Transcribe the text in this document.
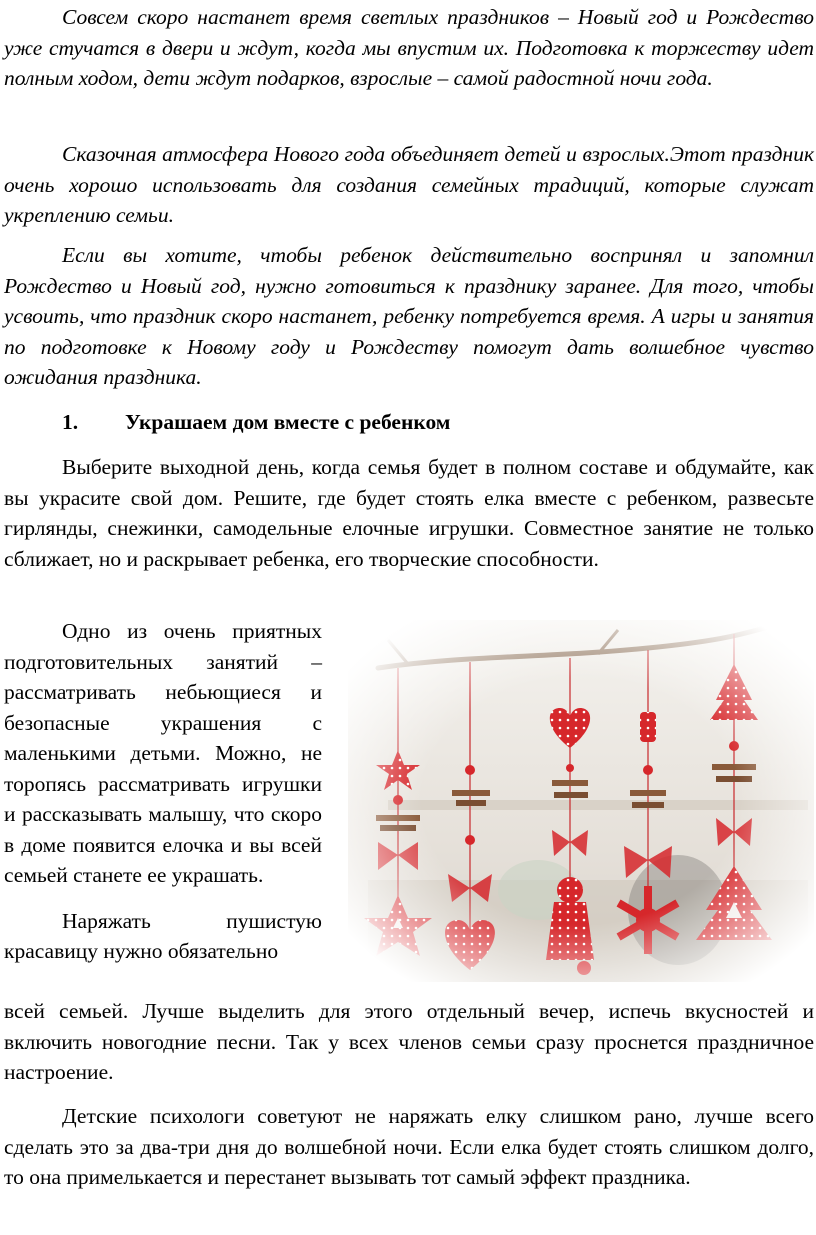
Совсем скоро настанет время светлых праздников – Новый год и Рождество уже стучатся в двери и ждут, когда мы впустим их. Подготовка к торжеству идет полным ходом, дети ждут подарков, взрослые – самой радостной ночи года.

Сказочная атмосфера Нового года объединяет детей и взрослых.Этот праздник очень хорошо использовать для создания семейных традиций, которые служат укреплению семьи.

Если вы хотите, чтобы ребенок действительно воспринял и запомнил Рождество и Новый год, нужно готовиться к празднику заранее. Для того, чтобы усвоить, что праздник скоро настанет, ребенку потребуется время. А игры и занятия по подготовке к Новому году и Рождеству помогут дать волшебное чувство ожидания праздника.

1.	Украшаем дом вместе с ребенком

Выберите выходной день, когда семья будет в полном составе и обдумайте, как вы украсите свой дом. Решите, где будет стоять елка вместе с ребенком, развесьте гирлянды, снежинки, самодельные елочные игрушки. Совместное занятие не только сближает, но и раскрывает ребенка, его творческие способности.

Одно из очень приятных подготовительных занятий – рассматривать небьющиеся и безопасные украшения с маленькими детьми. Можно, не торопясь рассматривать игрушки и рассказывать малышу, что скоро в доме появится елочка и вы всей семьей станете ее украшать.

Наряжать пушистую красавицу нужно обязательно

всей семьей. Лучше выделить для этого отдельный вечер, испечь вкусностей и включить новогодние песни. Так у всех членов семьи сразу проснется праздничное настроение.

Детские психологи советуют не наряжать елку слишком рано, лучше всего сделать это за два-три дня до волшебной ночи. Если елка будет стоять слишком долго, то она примелькается и перестанет вызывать тот самый эффект праздника.
